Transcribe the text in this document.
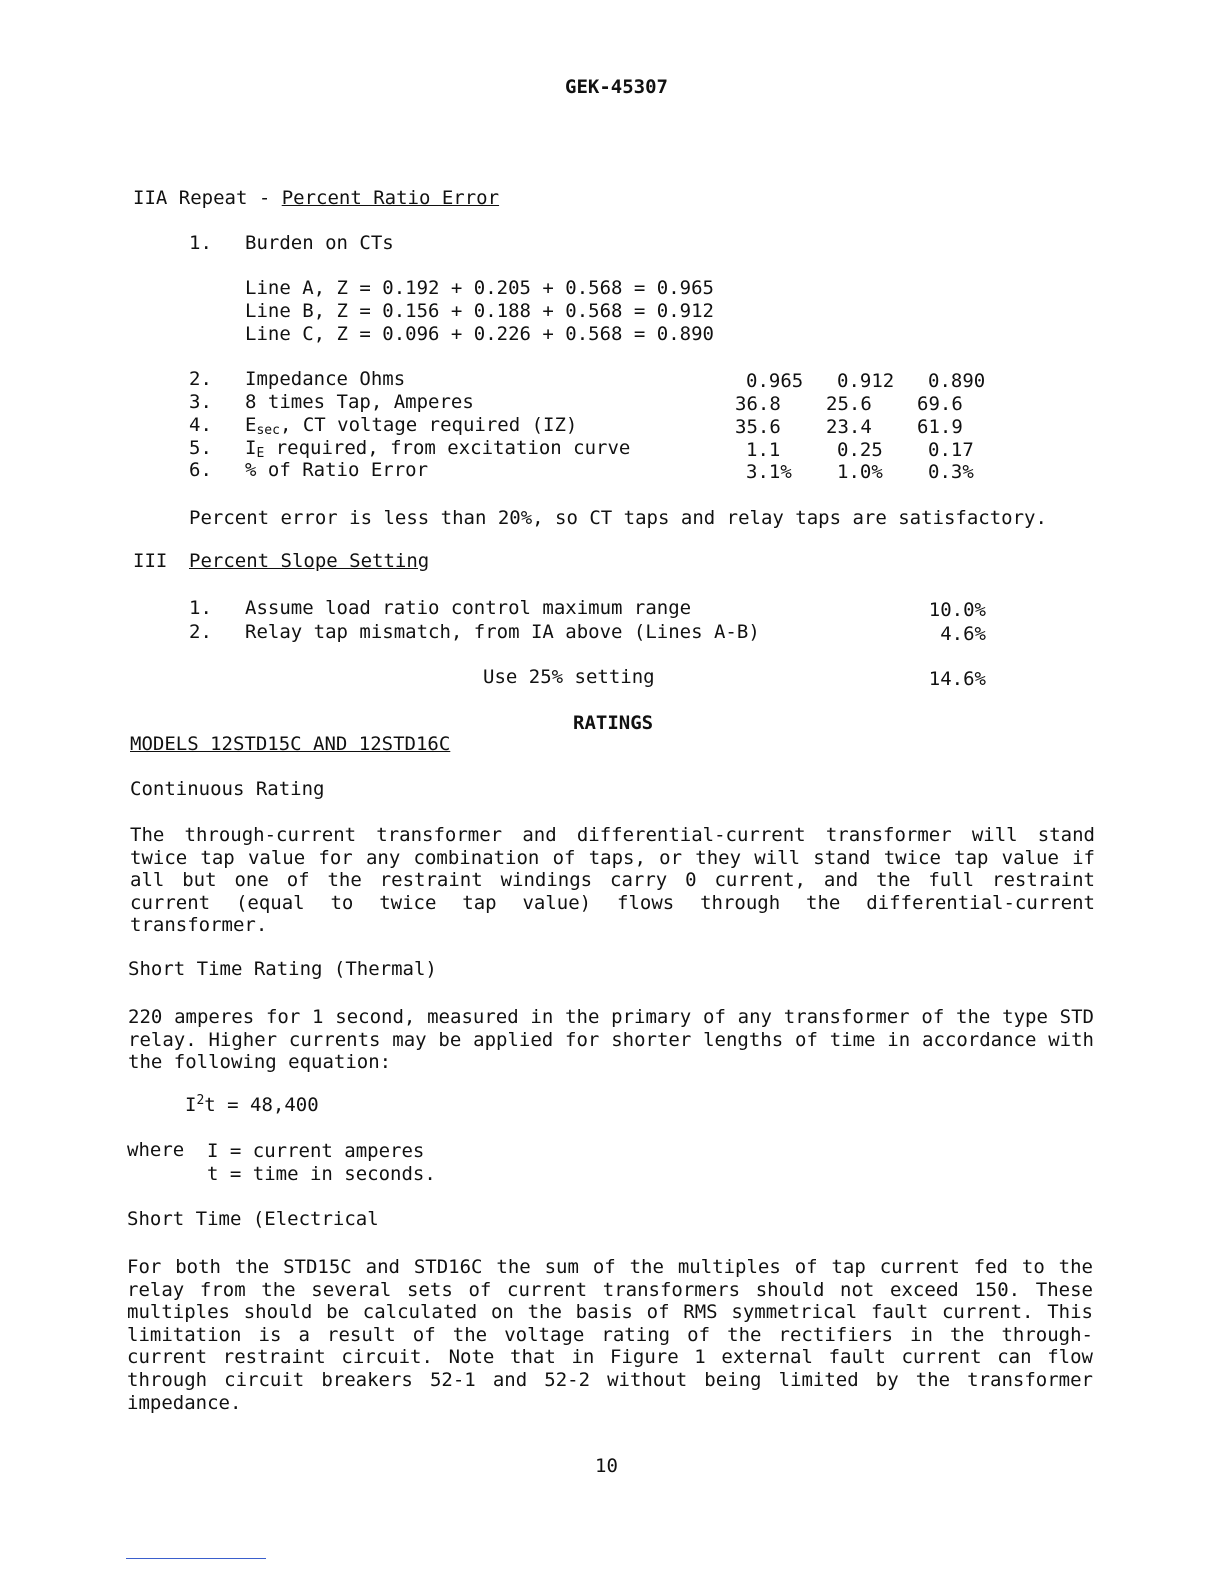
GEK-45307
IIA Repeat - Percent Ratio Error
1. Burden on CTs
Line A, Z = 0.192 + 0.205 + 0.568 = 0.965
Line B, Z = 0.156 + 0.188 + 0.568 = 0.912
Line C, Z = 0.096 + 0.226 + 0.568 = 0.890
2. Impedance Ohms	0.965 0.912 0.890
3. 8 times Tap, Amperes	36.8 25.6 69.6
4. $E_{sec}$, CT voltage required (IZ)	35.6 23.4 61.9
5. $I_E$ required, from excitation curve	1.1	0.25 0.17
6. % of Ratio Error	3.1% 1.0% 0.3%
Percent error is less than 20%, so CT taps and relay taps are satisfactory.
III Percent Slope Setting
1. Assume load ratio control maximum range	10.0%
2. Relay tap mismatch, from IA above (Lines A-B)	4.6%
Use 25% setting	14.6%
RATINGS
MODELS 12STD15C AND 12STD16C
Continuous Rating
The through-current transformer and differential-current transformer will stand twice tap value for any combination of taps, or they will stand twice tap value if all but one of the restraint windings carry 0 current, and the full restraint current (equal to twice tap value) flows through the differential-current transformer.
Short Time Rating (Thermal)
220 amperes for 1 second, measured in the primary of any transformer of the type STD relay. Higher currents may be applied for shorter lengths of time in accordance with the following equation:
$I^2t = 48,400$
where I = current amperes
t = time in seconds.
Short Time (Electrical
For both the STD15C and STD16C the sum of the multiples of tap current fed to the relay from the several sets of current transformers should not exceed 150. These multiples should be calculated on the basis of RMS symmetrical fault current. This limitation is a result of the voltage rating of the rectifiers in the through-current restraint circuit. Note that in Figure 1 external fault current can flow through circuit breakers 52-1 and 52-2 without being limited by the transformer impedance.
10
